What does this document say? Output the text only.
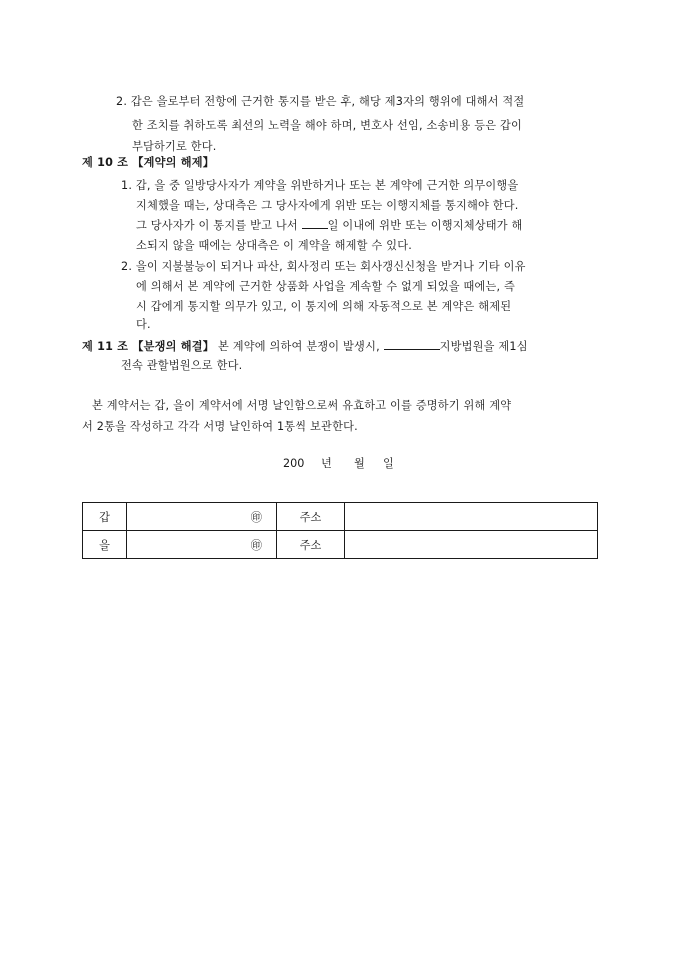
2. 갑은 을로부터 전항에 근거한 통지를 받은 후, 해당 제3자의 행위에 대해서 적절
한 조치를 취하도록 최선의 노력을 해야 하며, 변호사 선임, 소송비용 등은 갑이
부담하기로 한다.
제 10 조 【계약의 해제】
1. 갑, 을 중 일방당사자가 계약을 위반하거나 또는 본 계약에 근거한 의무이행을
지체했을 때는, 상대측은 그 당사자에게 위반 또는 이행지체를 통지해야 한다.
그 당사자가 이 통지를 받고 나서	일 이내에 위반 또는 이행지체상태가 해
소되지 않을 때에는 상대측은 이 계약을 해제할 수 있다.
2. 을이 지불불능이 되거나 파산, 회사정리 또는 회사갱신신청을 받거나 기타 이유
에 의해서 본 계약에 근거한 상품화 사업을 계속할 수 없게 되었을 때에는, 즉
시 갑에게 통지할 의무가 있고, 이 통지에 의해 자동적으로 본 계약은 해제된
다.
제 11 조 【분쟁의 해결】 본 계약에 의하여 분쟁이 발생시,	지방법원을 제1심
전속 관할법원으로 한다.
본 계약서는 갑, 을이 계약서에 서명 날인함으로써 유효하고 이를 증명하기 위해 계약
서 2통을 작성하고 각각 서명 날인하여 1통씩 보관한다.
200 년 월 일
갑	㊞	주소	
을	㊞	주소	
